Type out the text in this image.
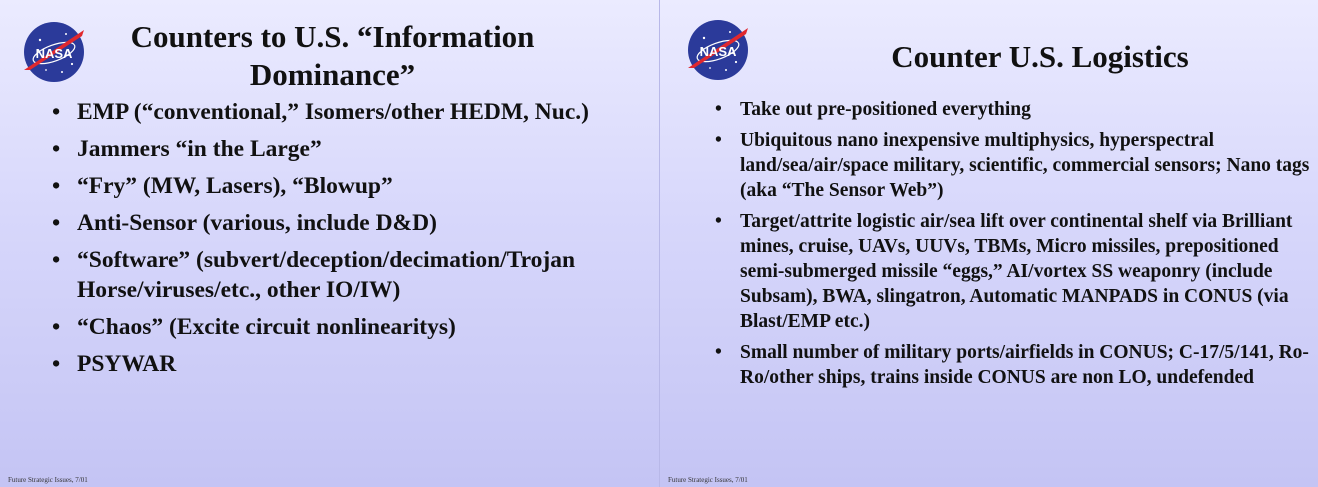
NASA	Counters to U.S. “Information Dominance”
• EMP (“conventional,” Isomers/other HEDM, Nuc.)
• Jammers “in the Large”
• “Fry” (MW, Lasers), “Blowup”
• Anti-Sensor (various, include D&D)
• “Software” (subvert/deception/decimation/Trojan Horse/viruses/etc., other IO/IW)
• “Chaos” (Excite circuit nonlinearitys)
• PSYWAR
Future Strategic Issues, 7/01
NASA	Counter U.S. Logistics
• Take out pre-positioned everything
• Ubiquitous nano inexpensive multiphysics, hyperspectral land/sea/air/space military, scientific, commercial sensors; Nano tags (aka “The Sensor Web”)
• Target/attrite logistic air/sea lift over continental shelf via Brilliant mines, cruise, UAVs, UUVs, TBMs, Micro missiles, prepositioned semi-submerged missile “eggs,” AI/vortex SS weaponry (include Subsam), BWA, slingatron, Automatic MANPADS in CONUS (via Blast/EMP etc.)
• Small number of military ports/airfields in CONUS; C-17/5/141, Ro-Ro/other ships, trains inside CONUS are non LO, undefended
Future Strategic Issues, 7/01
